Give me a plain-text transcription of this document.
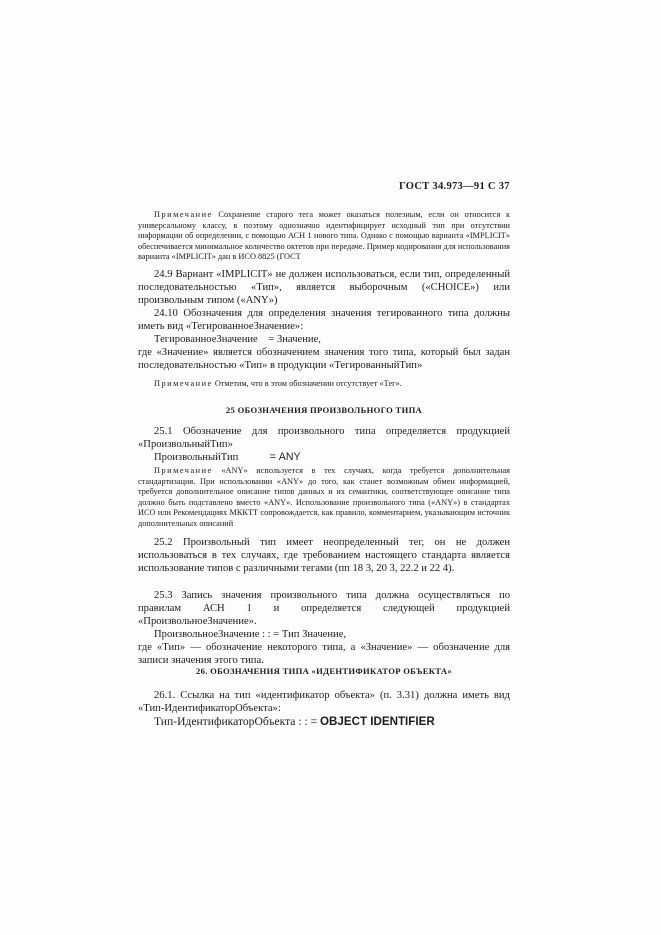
ГОСТ 34.973—91 С 37

Примечание Сохранение старого тега может оказаться полезным, если он относится к универсальному классу, в поэтому однозначно идентифицирует исходный тип при отсутствии информации об определении, с помощью АСН 1 нового типа. Однако с помощью варианта «IMPLICIT» обеспечивается минимальное количество октетов при передаче. Пример кодирования для использования варианта «IMPLICIT» дан в ИСО 8825 (ГОСТ

24.9 Вариант «IMPLICIT» не должен использоваться, если тип, определенный последовательностью «Тип», является выборочным («CHOICE») или произвольным типом («ANY»)

24.10 Обозначения для определения значения тегированного типа должны иметь вид «ТегированноеЗначение»:

ТегированноеЗначение    = Значение,

где «Значение» является обозначением значения того типа, который был задан последовательностью «Тип» в продукции «ТегированныйТип»

Примечание Отметим, что в этом обозначении отсутствует «Тег».

25 ОБОЗНАЧЕНИЯ ПРОИЗВОЛЬНОГО ТИПА

25.1 Обозначение для произвольного типа определяется продукцией «ПроизвольныйТип»

ПроизвольныйТип	= ANY

Примечание «ANY» используется в тех случаях, когда требуется дополнительная стандартизация. При использовании «ANY» до того, как станет возможным обмен информацией, требуется дополнительное описание типов данных и их семантики, соответствующее описание типа должно быть подставлено вместо «ANY». Использование произвольного типа («ANY») в стандартах ИСО или Рекомендациях МККТТ сопровождается, как правило, комментарием, указывающим источник дополнительных описаний

25.2 Произвольный тип имеет неопределенный тег, он не должен использоваться в тех случаях, где требованием настоящего стандарта является использование типов с различными тегами (пп 18 3, 20 3, 22.2 и 22 4).

25.3 Запись значения произвольного типа должна осуществляться по правилам АСН 1 и определяется следующей продукцией «ПроизвольноеЗначение».

ПроизвольноеЗначение : : = Тип Значение,

где «Тип» — обозначение некоторого типа, а «Значение» — обозначение для записи значения этого типа.

26. ОБОЗНАЧЕНИЯ ТИПА «ИДЕНТИФИКАТОР ОБЪЕКТА»

26.1. Ссылка на тип «идентификатор объекта» (п. 3.31) должна иметь вид «Тип-ИдентификаторОбъекта»:

Тип-ИдентификаторОбъекта : : = OBJECT IDENTIFIER
